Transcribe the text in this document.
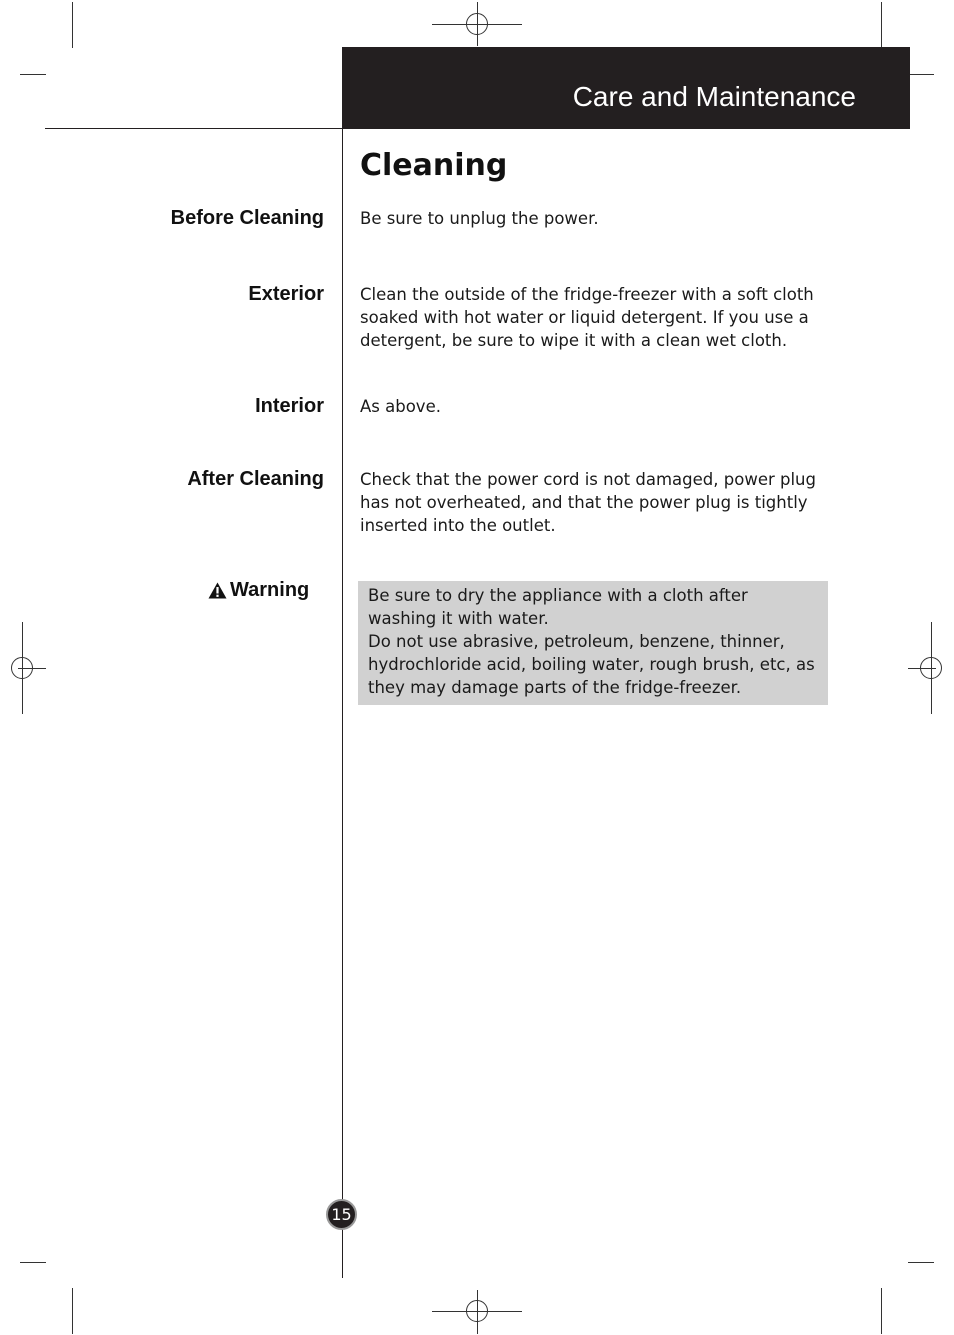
Care and Maintenance
Cleaning
Before Cleaning Be sure to unplug the power.
Exterior Clean the outside of the fridge-freezer with a soft cloth soaked with hot water or liquid detergent. If you use a detergent, be sure to wipe it with a clean wet cloth.
Interior As above.
After Cleaning Check that the power cord is not damaged, power plug has not overheated, and that the power plug is tightly inserted into the outlet.
Warning	Be sure to dry the appliance with a cloth after washing it with water.

Do not use abrasive, petroleum, benzene, thinner, hydrochloride acid, boiling water, rough brush, etc, as they may damage parts of the fridge-freezer.

15
